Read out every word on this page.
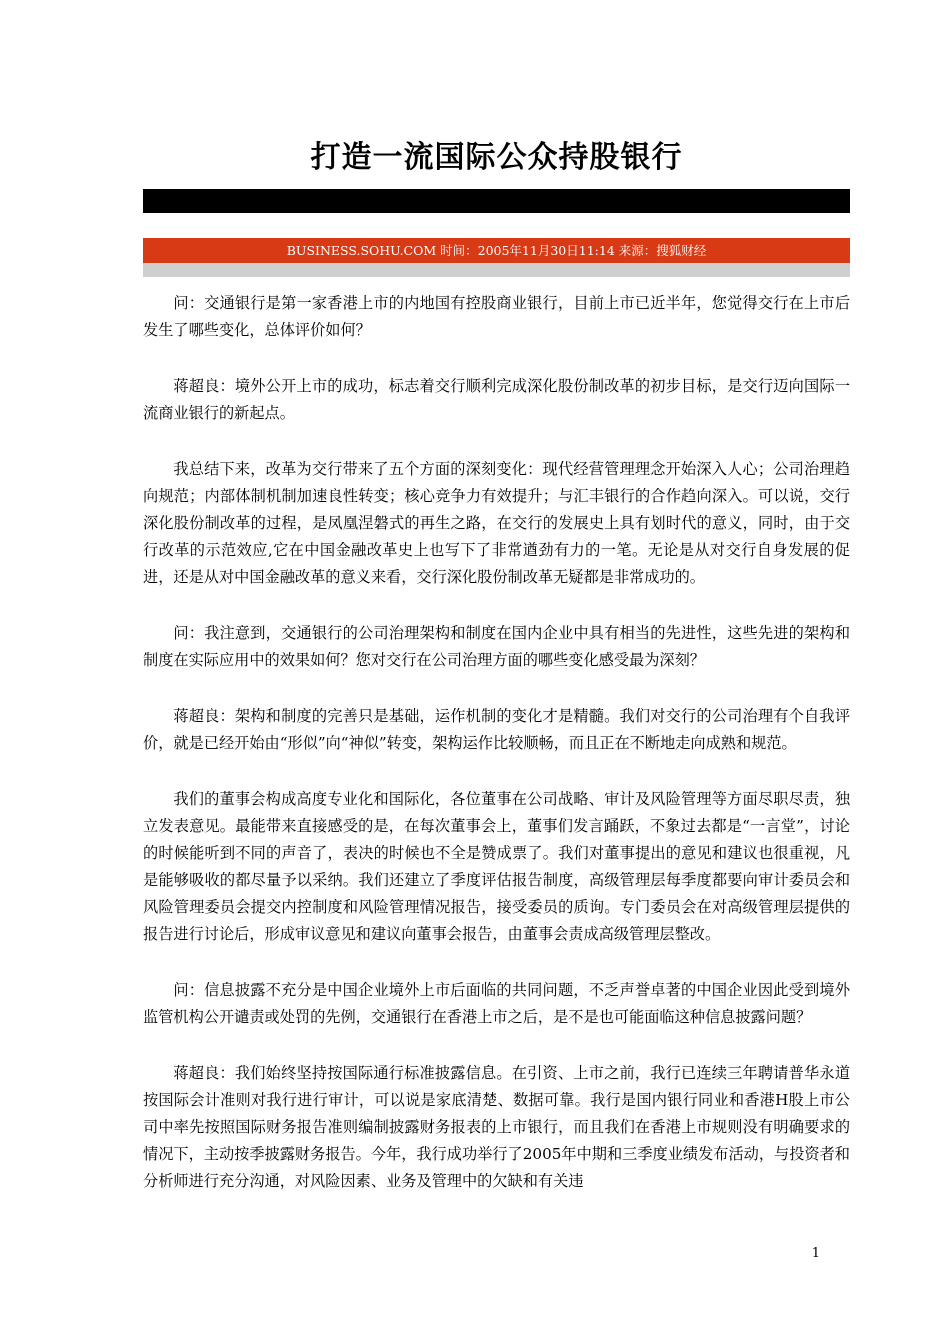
打造一流国际公众持股银行
BUSINESS.SOHU.COM 时间：2005年11月30日11:14 来源：搜狐财经

问：交通银行是第一家香港上市的内地国有控股商业银行，目前上市已近半年，您觉得交行在上市后发生了哪些变化，总体评价如何？

蒋超良：境外公开上市的成功，标志着交行顺利完成深化股份制改革的初步目标，是交行迈向国际一流商业银行的新起点。

我总结下来，改革为交行带来了五个方面的深刻变化：现代经营管理理念开始深入人心；公司治理趋向规范；内部体制机制加速良性转变；核心竞争力有效提升；与汇丰银行的合作趋向深入。可以说，交行深化股份制改革的过程，是凤凰涅磐式的再生之路，在交行的发展史上具有划时代的意义，同时，由于交行改革的示范效应,它在中国金融改革史上也写下了非常遒劲有力的一笔。无论是从对交行自身发展的促进，还是从对中国金融改革的意义来看，交行深化股份制改革无疑都是非常成功的。

问：我注意到，交通银行的公司治理架构和制度在国内企业中具有相当的先进性，这些先进的架构和制度在实际应用中的效果如何？您对交行在公司治理方面的哪些变化感受最为深刻？

蒋超良：架构和制度的完善只是基础，运作机制的变化才是精髓。我们对交行的公司治理有个自我评价，就是已经开始由“形似”向“神似”转变，架构运作比较顺畅，而且正在不断地走向成熟和规范。

我们的董事会构成高度专业化和国际化，各位董事在公司战略、审计及风险管理等方面尽职尽责，独立发表意见。最能带来直接感受的是，在每次董事会上，董事们发言踊跃，不象过去都是“一言堂”，讨论的时候能听到不同的声音了，表决的时候也不全是赞成票了。我们对董事提出的意见和建议也很重视，凡是能够吸收的都尽量予以采纳。我们还建立了季度评估报告制度，高级管理层每季度都要向审计委员会和风险管理委员会提交内控制度和风险管理情况报告，接受委员的质询。专门委员会在对高级管理层提供的报告进行讨论后，形成审议意见和建议向董事会报告，由董事会责成高级管理层整改。

问：信息披露不充分是中国企业境外上市后面临的共同问题，不乏声誉卓著的中国企业因此受到境外监管机构公开谴责或处罚的先例，交通银行在香港上市之后，是不是也可能面临这种信息披露问题？

蒋超良：我们始终坚持按国际通行标准披露信息。在引资、上市之前，我行已连续三年聘请普华永道按国际会计准则对我行进行审计，可以说是家底清楚、数据可靠。我行是国内银行同业和香港H股上市公司中率先按照国际财务报告准则编制披露财务报表的上市银行，而且我们在香港上市规则没有明确要求的情况下，主动按季披露财务报告。今年，我行成功举行了2005年中期和三季度业绩发布活动，与投资者和分析师进行充分沟通，对风险因素、业务及管理中的欠缺和有关违

1
